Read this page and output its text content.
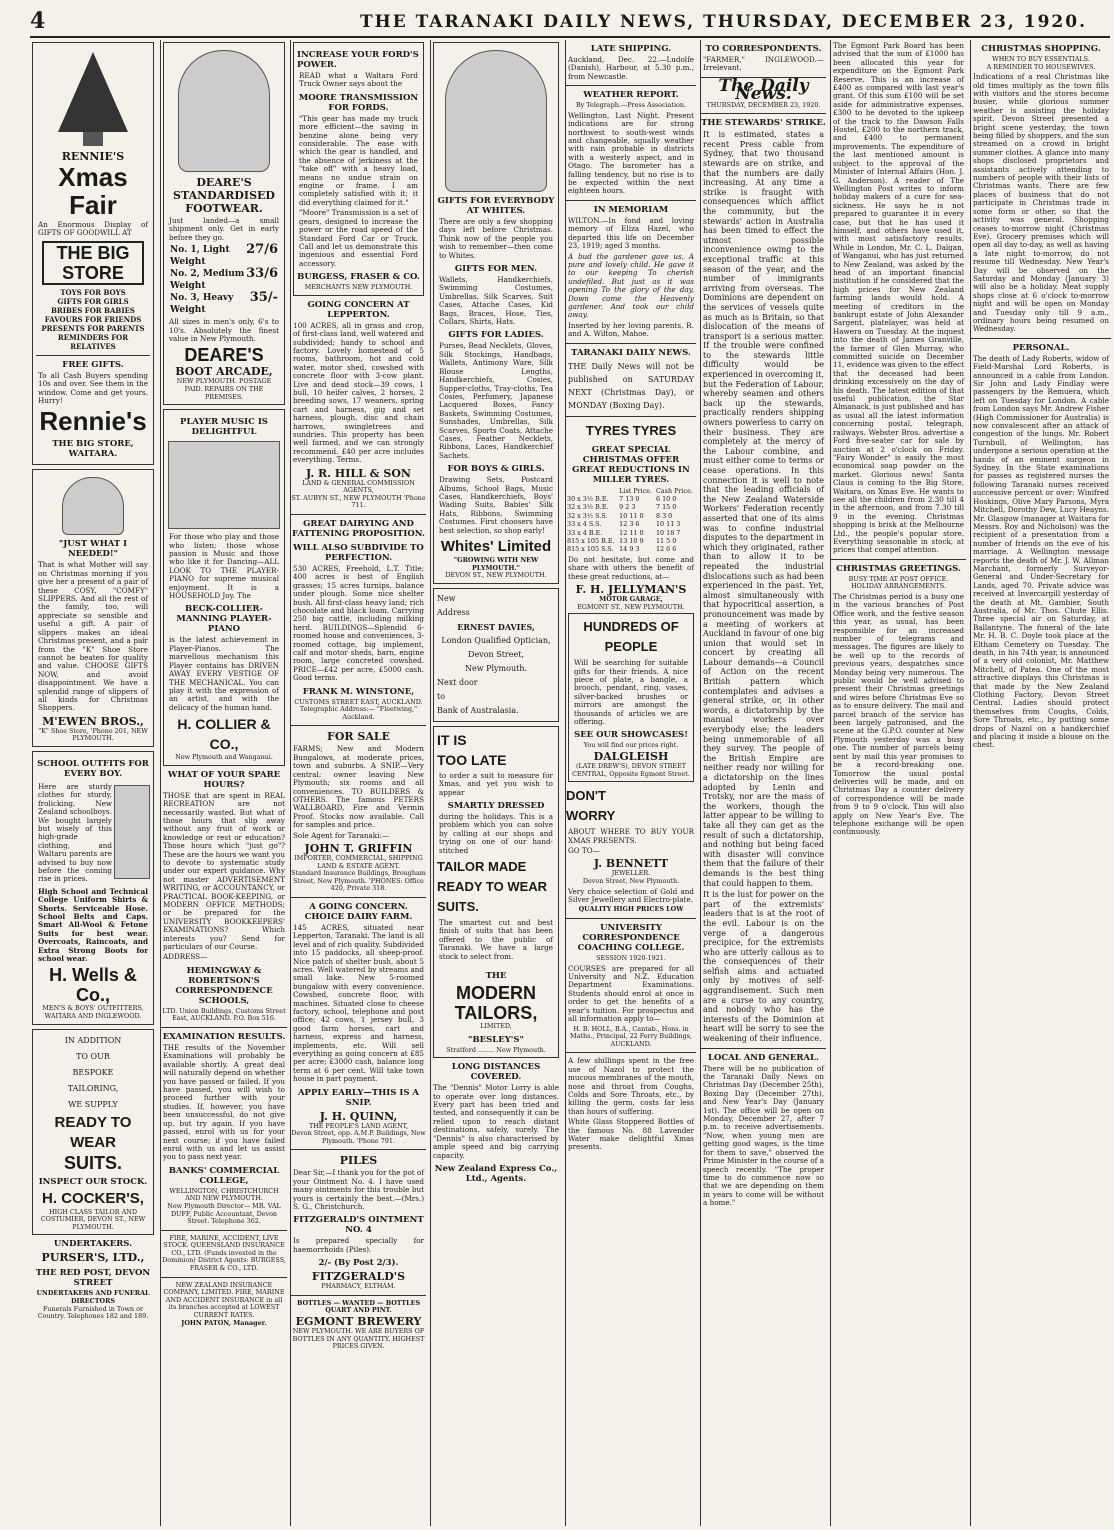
4	THE TARANAKI DAILY NEWS, THURSDAY, DECEMBER 23, 1920.
RENNIE'S
Xmas Fair
An Enormous Display of GIFTS OF GOODWILL AT
THE BIG STORE
TOYS FOR BOYS
GIFTS FOR GIRLS
BRIBES FOR BABIES
FAVOURS FOR FRIENDS
PRESENTS FOR PARENTS
REMINDERS FOR RELATIVES
FREE GIFTS.
To all Cash Buyers spending 10s and over. See them in the window. Come and get yours. Hurry!
Rennie's
THE BIG STORE, WAITARA.
"JUST WHAT I NEEDED!"
That is what Mother will say on Christmas morning if you give her a present of a pair of these COSY, "COMFY" SLIPPERS. And all the rest of the family, too, will appreciate so sensible and useful a gift. A pair of slippers makes an ideal Christmas present, and a pair from the "K" Shoe Store cannot be beaten for quality and value. CHOOSE GIFTS NOW, and avoid disappointment. We have a splendid range of slippers of all kinds for Christmas Shoppers.
M'EWEN BROS.,
"K" Shoe Store, 'Phone 201, NEW PLYMOUTH.
SCHOOL OUTFITS FOR EVERY BOY.
Here are sturdy clothes for sturdy, frolicking, New Zealand schoolboys. We bought largely but wisely of this high-grade clothing, and Waltaru parents are advised to buy now before the coming rise in prices.
High School and Technical College Uniform Shirts & Shorts. Serviceable Hose. School Belts and Caps. Smart All-Wool & Fetone Suits for best wear. Overcoats, Raincoats, and Extra Strong Boots for school wear.
H. Wells & Co.,
MEN'S & BOYS' OUTFITTERS, WAITARA AND INGLEWOOD.
IN ADDITION
TO OUR
BESPOKE
TAILORING,
WE SUPPLY
READY TO WEAR
SUITS.
INSPECT OUR STOCK.
H. COCKER'S,
HIGH CLASS TAILOR AND COSTUMIER, DEVON ST., NEW PLYMOUTH.
UNDERTAKERS.
PURSER'S, LTD.,
THE RED POST, DEVON STREET
UNDERTAKERS AND FUNERAL DIRECTORS
Funerals Furnished in Town or Country. Telephones 182 and 189.
DEARE'S STANDARDISED FOOTWEAR.
Just landed—a small shipment only. Get in early before they go.
No. 1, Light Weight
27/6
No. 2, Medium Weight
33/6
No. 3, Heavy Weight
35/-
All sizes in men's only, 6's to 10's. Absolutely the finest value in New Plymouth.
DEARE'S
BOOT ARCADE,
NEW PLYMOUTH. POSTAGE PAID. REPAIRS ON THE PREMISES.
PLAYER MUSIC IS DELIGHTFUL
For those who play and those who listen; those whose passion is Music and those who like it for Dancing—ALL LOOK TO THE PLAYER-PIANO for supreme musical enjoyment. It is a HOUSEHOLD Joy. The
BECK-COLLIER-MANNING PLAYER-PIANO
is the latest achievement in Player-Pianos. The marvellous mechanism this Player contains has DRIVEN AWAY EVERY VESTIGE OF THE MECHANICAL. You can play it with the expression of an artist, and with the delicacy of the human hand.
H. COLLIER & CO.,
New Plymouth and Wanganui.
WHAT OF YOUR SPARE HOURS?
THOSE that are spent in REAL RECREATION are not necessarily wasted. But what of those hours that slip away without any fruit of work or knowledge or rest or education? Those hours which "just go"? These are the hours we want you to devote to systematic study under our expert guidance. Why not master ADVERTISEMENT WRITING, or ACCOUNTANCY, or PRACTICAL BOOK-KEEPING, or MODERN OFFICE METHODS; or be prepared for the UNIVERSITY BOOKKEEPERS' EXAMINATIONS? Which interests you? Send for particulars of our Course.
ADDRESS—
HEMINGWAY & ROBERTSON'S CORRESPONDENCE SCHOOLS,
LTD. Union Buildings, Customs Street East, AUCKLAND. P.O. Box 516.
EXAMINATION RESULTS.
THE results of the November Examinations will probably be available shortly. A great deal will naturally depend on whether you have passed or failed. If you have passed, you will wish to proceed further with your studies. If, however, you have been unsuccessful, do not give up, but try again. If you have passed, enrol with us for your next course; if you have failed enrol with us and let us assist you to pass next year.
BANKS' COMMERCIAL COLLEGE,
WELLINGTON, CHRISTCHURCH AND NEW PLYMOUTH.
New Plymouth Director— MR. VAL DUFF, Public Accountant, Devon Street. Telephone 362.
FIRE, MARINE, ACCIDENT, LIVE STOCK. QUEENSLAND INSURANCE CO., LTD. (Funds invested in the Dominion) District Agents: BURGESS, FRASER & CO., LTD.
NEW ZEALAND INSURANCE COMPANY, LIMITED. FIRE, MARINE AND ACCIDENT INSURANCE in all its branches accepted at LOWEST CURRENT RATES.
JOHN PATON, Manager.
INCREASE YOUR FORD'S POWER.
READ what a Waltara Ford Truck Owner says about the
MOORE TRANSMISSION FOR FORDS.
"This gear has made my truck more efficient—the saving in benzine alone being very considerable. The ease with which the gear is handled, and the absence of jerkiness at the "take off" with a heavy load, means no undue strain on engine or frame. I am completely satisfied with it; it did everything claimed for it."
"Moore" Transmission is a set of gears, designed to increase the power or the road speed of the Standard Ford Car or Truck. Call and let us demonstrate this ingenious and essential Ford accessory.
BURGESS, FRASER & CO.
MERCHANTS NEW PLYMOUTH.
GOING CONCERN AT LEPPERTON.
100 ACRES, all in grass and crop, of first-class land, well watered and subdivided; handy to school and factory. Lovely homestead of 5 rooms, bathroom, hot and cold water, motor shed, cowshed with concrete floor with 3-cow plant. Live and dead stock—39 cows, 1 bull, 10 heifer calves, 2 horses, 2 breeding sows, 17 weaners, spring cart and harness, gig and set harness, plough, disc and chain harrows, swingletrees and sundries. This property has been well farmed, and we can strongly recommend. £40 per acre includes everything. Terms.
J. R. HILL & SON
LAND & GENERAL COMMISSION AGENTS,
ST. AUBYN ST., NEW PLYMOUTH 'Phone 711.
GREAT DAIRYING AND FATTENING PROPOSITION.
WILL ALSO SUBDIVIDE TO PERFECTION.
530 ACRES, Freehold, L.T. Title; 400 acres is best of English grasses; 15 acres turnips, balance under plough. Some nice shelter bush. All first-class heavy land; rich chocolate and black loam. Carrying 250 big cattle, including milking herd. BUILDINGS—Splendid 6-roomed house and conveniences, 3-roomed cottage, big implement, calf and motor sheds, barn, engine room, large concreted cowshed. PRICE—£42 per acre, £5000 cash. Good terms.
FRANK M. WINSTONE,
CUSTOMS STREET EAST, AUCKLAND.
Telegraphic Address:— "Fleetwing," Auckland.
FOR SALE
FARMS; New and Modern Bungalows, at moderate prices, town and suburbs. A SNIP.—Very central; owner leaving New Plymouth; six rooms and all conveniences. TO BUILDERS & OTHERS. The famous PETERS WALLBOARD, Fire and Vermin Proof. Stocks now available. Call for samples and price.
Sole Agent for Taranaki:—
JOHN T. GRIFFIN
IMPORTER, COMMERCIAL, SHIPPING LAND & ESTATE AGENT.
Standard Insurance Buildings, Brougham Street, New Plymouth. 'PHONES: Office 420, Private 318.
A GOING CONCERN. CHOICE DAIRY FARM.
145 ACRES, situated near Lepperton, Taranaki. The land is all level and of rich quality. Subdivided into 15 paddocks, all sheep-proof. Nice patch of shelter bush, about 5 acres. Well watered by streams and small lake. New 5-roomed bungalow with every convenience. Cowshed, concrete floor, with machines. Situated close to cheese factory, school, telephone and post office; 42 cows, 1 jersey bull, 3 good farm horses, cart and harness, express and harness, implements, etc. Will sell everything as going concern at £85 per acre; £3000 cash, balance long term at 6 per cent. Will take town house in part payment.
APPLY EARLY—THIS IS A SNIP.
J. H. QUINN,
THE PEOPLE'S LAND AGENT,
Devon Street, opp. A.M.P. Buildings, New Plymouth. 'Phone 791.
PILES
Dear Sir,—I thank you for the pot of your Ointment No. 4. I have used many ointments for this trouble but yours is certainly the best.—(Mrs.) S. G., Christchurch.
FITZGERALD'S OINTMENT NO. 4
Is prepared specially for haemorrhoids (Piles).
2/- (By Post 2/3).
FITZGERALD'S
PHARMACY, ELTHAM.
BOTTLES — WANTED — BOTTLES QUART AND PINT.
EGMONT BREWERY
NEW PLYMOUTH. WE ARE BUYERS OF BOTTLES IN ANY QUANTITY. HIGHEST PRICES GIVEN.
GIFTS FOR EVERYBODY AT WHITES.
There are only a few shopping days left before Christmas. Think now of the people you wish to remember—then come to Whites.
GIFTS FOR MEN.
Wallets, Handkerchiefs, Swimming Costumes, Umbrellas, Silk Scarves, Suit Cases, Attache Cases, Kid Bags, Braces, Hose, Ties, Collars, Shirts, Hats.
GIFTS FOR LADIES.
Purses, Bead Necklets, Gloves, Silk Stockings, Handbags, Wallets, Antimony Ware, Silk Blouse Lengths, Handkerchiefs, Cosies, Supper-cloths, Tray-cloths, Tea Cosies, Perfumery, Japanese Lacquered Boxes, Fancy Baskets, Swimming Costumes, Sunshades, Umbrellas, Silk Scarves, Sports Coats, Attache Cases, Feather Necklets, Ribbons, Laces, Handkerchief Sachets.
FOR BOYS & GIRLS.
Drawing Sets, Postcard Albums, School Bags, Music Cases, Handkerchiefs, Boys' Wading Suits, Babies' Silk Hats, Ribbons, Swimming Costumes. First choosers have best selection, so shop early!
Whites' Limited
"GROWING WITH NEW PLYMOUTH."
DEVON ST., NEW PLYMOUTH.
New
Address
ERNEST DAVIES,
London Qualified Optician,
Devon Street,
New Plymouth.
Next door
to
Bank of Australasia.
IT IS
TOO LATE
to order a suit to measure for Xmas, and yet you wish to appear
SMARTLY DRESSED
during the holidays. This is a problem which you can solve by calling at our shops and trying on one of our hand-stitched
TAILOR MADE
READY TO WEAR
SUITS.
The smartest cut and best finish of suits that has been offered to the public of Taranaki. We have a large stock to select from.
THE
MODERN
TAILORS,
LIMITED,
"BESLEY'S"
Stratford ........ New Plymouth.
LONG DISTANCES COVERED.
The "Dennis" Motor Lorry is able to operate over long distances. Every part has been tried and tested, and consequently it can be relied upon to reach distant destinations, safely, surely. The "Dennis" is also characterised by ample speed and big carrying capacity.
New Zealand Express Co., Ltd., Agents.
LATE SHIPPING.
Auckland, Dec. 22.—Ludolfe (Danish), Harbour, at 5.30 p.m., from Newcastle.
WEATHER REPORT.
By Telegraph.—Press Association.
Wellington, Last Night. Present indications are for strong northwest to south-west winds and changeable, squally weather with rain probable in districts with a westerly aspect, and in Otago. The barometer has a falling tendency, but no rise is to be expected within the next eighteen hours.
IN MEMORIAM
WILTON.—In fond and loving memory of Eliza Hazel, who departed this life on December 23, 1919; aged 3 months.
A bud the gardener gave us, A pure and lovely child. He gave it to our keeping To cherish undefiled. But just as it was opening To the glory of the day, Down came the Heavenly gardener, And took our child away.
Inserted by her loving parents, R. and A. Wilton, Mahoe.
TARANAKI DAILY NEWS.
THE Daily News will not be published on SATURDAY NEXT (Christmas Day), or MONDAY (Boxing Day).
TYRES TYRES
GREAT SPECIAL CHRISTMAS OFFER GREAT REDUCTIONS IN MILLER TYRES.
	List Price.	Cash Price.
30 x 3½ B.E.	7 13 0	6 10 0
32 x 3½ B.E.	9 2 3	7 15 0
32 x 3½ S.S.	10 11 0	8 3 0
33 x 4 S.S.	12 3 6	10 11 3
33 x 4 B.E.	12 11 0	10 18 7
815 x 105 B.E.	13 10 9	11 5 0
815 x 105 S.S.	14 9 3	12 6 6
Do not hesitate, but come and share with others the benefit of these great reductions, at—
F. H. JELLYMAN'S
MOTOR GARAGE,
EGMONT ST., NEW PLYMOUTH.
HUNDREDS OF PEOPLE
Will be searching for suitable gifts for their friends. A nice piece of plate, a bangle, a brooch, pendant, ring, vases, silver-backed brushes or mirrors are amongst the thousands of articles we are offering.
SEE OUR SHOWCASES!
You will find our prices right.
DALGLEISH
(LATE DREW'S), DEVON STREET CENTRAL, Opposite Egmont Street.
DON'T
WORRY
ABOUT WHERE TO BUY YOUR XMAS PRESENTS.
GO TO—
J. BENNETT
JEWELLER.
Devon Street, New Plymouth.
Very choice selection of Gold and Silver Jewellery and Electro-plate.
QUALITY HIGH PRICES LOW
UNIVERSITY CORRESPONDENCE COACHING COLLEGE.
SESSION 1920-1921.
COURSES are prepared for all University and N.Z. Education Department Examinations. Students should enrol at once in order to get the benefits of a year's tuition. For prospectus and all information apply to—
H. B. HOLL, B.A., Cantab., Hons. in Maths., Principal, 22 Ferry Buildings, AUCKLAND.
A few shillings spent in the free use of Nazol to protect the mucous membranes of the mouth, nose and throat from Coughs, Colds and Sore Throats, etc., by killing the germ, costs far less than hours of suffering.
White Glass Stoppered Bottles of the famous No. 88 Lavender Water make delightful Xmas presents.
TO CORRESPONDENTS.
"FARMER," INGLEWOOD.—Irrelevant.
The Daily News.
THURSDAY, DECEMBER 23, 1920.
THE STEWARDS' STRIKE.
It is estimated, states a recent Press cable from Sydney, that two thousand stewards are on strike, and that the numbers are daily increasing. At any time a strike is fraught with consequences which afflict the community, but the stewards' action in Australia has been timed to effect the utmost possible inconvenience owing to the exceptional traffic at this season of the year, and the number of immigrants arriving from overseas. The Dominions are dependent on the services of vessels quite as much as is Britain, so that dislocation of the means of transport is a serious matter. If the trouble were confined to the stewards little difficulty would be experienced in overcoming it, but the Federation of Labour, whereby seamen and others back up the stewards, practically renders shipping owners powerless to carry on their business. They are completely at the mercy of the Labour combine, and must either come to terms or cease operations. In this connection it is well to note that the leading officials of the New Zealand Waterside Workers' Federation recently asserted that one of its aims was to confine industrial disputes to the department in which they originated, rather than to allow it to be repeated the industrial dislocations such as had been experienced in the past. Yet, almost simultaneously with that hypocritical assertion, a pronouncement was made by a meeting of workers at Auckland in favour of one big union that would set in concert by creating all Labour demands—a Council of Action on the recent British pattern which contemplates and advises a general strike, or, in other words, a dictatorship by the manual workers over everybody else; the leaders being unmemorable of all they survey. The people of the British Empire are neither ready nor willing for a dictatorship on the lines adopted by Lenin and Trotsky, nor are the mass of the workers, though the latter appear to be willing to take all they can get as the result of such a dictatorship, and nothing but being faced with disaster will convince them that the failure of their demands is the best thing that could happen to them.
It is the lust for power on the part of the extremists' leaders that is at the root of the evil. Labour is on the verge of a dangerous precipice, for the extremists who are utterly callous as to the consequences of their selfish aims and actuated only by motives of self-aggrandisement. Such men are a curse to any country, and nobody who has the interests of the Dominion at heart will be sorry to see the weakening of their influence.
LOCAL AND GENERAL.
There will be no publication of the Taranaki Daily News on Christmas Day (December 25th), Boxing Day (December 27th), and New Year's Day (January 1st). The office will be open on Monday, December 27, after 7 p.m. to receive advertisements. "Now, when young men are getting good wages, is the time for them to save," observed the Prime Minister in the course of a speech recently. "The proper time to do commence now so that we are depending on them in years to come will be without a home."
The Egmont Park Board has been advised that the sum of £1000 has been allocated this year for expenditure on the Egmont Park Reserve. This is an increase of £400 as compared with last year's grant. Of this sum £100 will be set aside for administrative expenses, £300 to be devoted to the upkeep of the track to the Dawson Falls Hostel, £200 to the northern track, and £400 to permanent improvements. The expenditure of the last mentioned amount is subject to the approval of the Minister of Internal Affairs (Hon. J. G. Anderson). A reader of The Wellington Post writes to inform holiday makers of a cure for sea-sickness. He says he is not prepared to guarantee it in every case, but that he has used it himself, and others have used it, with most satisfactory results. While in London, Mr. C. L. Dalgan, of Wanganui, who has just returned to New Zealand, was asked by the head of an important financial institution if he considered that the high prices for New Zealand farming lands would hold. A meeting of creditors in the bankrupt estate of John Alexander Sargent, platelayer, was held at Hawera on Tuesday. At the inquest into the death of James Granville, the farmer of Glen Murray, who committed suicide on December 11, evidence was given to the effect that the deceased had been drinking excessively on the day of his death. The latest edition of that useful publication, the Star Almanack, is just published and has as usual all the latest information concerning postal, telegraph, railways. Webster Bros. advertise a Ford five-seater car for sale by auction at 2 o'clock on Friday. "Fairy Wonder" is easily the most economical soap powder on the market. Glorious news! Santa Claus is coming to the Big Store, Waitara, on Xmas Eve. He wants to see all the children from 2.30 till 4 in the afternoon, and from 7.30 till 9 in the evening. Christmas shopping is brisk at the Melbourne Ltd., the people's popular store. Everything seasonable in stock, at prices that compel attention.
CHRISTMAS GREETINGS.
BUSY TIME AT POST OFFICE.
HOLIDAY ARRANGEMENTS.
The Christmas period is a busy one in the various branches of Post Office work, and the festive season this year, as usual, has been responsible for an increased number of telegrams and messages. The figures are likely to be well up to the records of previous years, despatches since Monday being very numerous. The public would be well advised to present their Christmas greetings and wires before Christmas Eve so as to ensure delivery. The mail and parcel branch of the service has been largely patronised, and the scene at the G.P.O. counter at New Plymouth yesterday was a busy one. The number of parcels being sent by mail this year promises to be a record-breaking one. Tomorrow the usual postal deliveries will be made, and on Christmas Day a counter delivery of correspondence will be made from 9 to 9 o'clock. This will also apply on New Year's Eve. The telephone exchange will be open continuously.
CHRISTMAS SHOPPING.
WHEN TO BUY ESSENTIALS.
A REMINDER TO HOUSEWIVES.
Indications of a real Christmas like old times multiply as the town fills with visitors and the stores become busier, while glorious summer weather is assisting the holiday spirit. Devon Street presented a bright scene yesterday, the town being filled by shoppers, and the sun streamed on a crowd in bright summer clothes. A glance into many shops disclosed proprietors and assistants actively attending to numbers of people with their lists of Christmas wants. There are few places of business that do not participate in Christmas trade in some form or other, so that the activity was general. Shopping ceases to-morrow night (Christmas Eve). Grocery premises which will open all day to-day, as well as having a late night to-morrow, do not resume till Wednesday. New Year's Day will be observed on the Saturday and Monday (January 3) will also be a holiday. Meat supply shops close at 6 o'clock to-morrow night and will be open on Monday and Tuesday only till 9 a.m., ordinary hours being resumed on Wednesday.
PERSONAL.
The death of Lady Roberts, widow of Field-Marshal Lord Roberts, is announced in a cable from London. Sir John and Lady Findlay were passengers by the Remuera, which left on Tuesday for London. A cable from London says Mr. Andrew Fisher (High Commissioner for Australia) is now convalescent after an attack of congestion of the lungs. Mr. Robert Turnbull, of Wellington, has undergone a serious operation at the hands of an eminent surgeon in Sydney. In the State examinations for passes as registered nurses the following Taranaki nurses received successive percent or over: Winifred Hoskings, Olive Mary Parsons, Myra Mitchell, Dorothy Dew, Lucy Heayns. Mr. Glasgow (manager at Waitara for Messrs. Roy and Nicholson) was the recipient of a presentation from a number of friends on the eve of his marriage. A Wellington message reports the death of Mr. J. W. Allman Marchant, formerly Surveyor-General and Under-Secretary for Lands, aged 70. Private advice was received at Invercargill yesterday of the death at Mt. Gambier, South Australia, of Mr. Thos. Chute Ellis. Three special air on Saturday, at Ballantyne. The funeral of the late Mr. H. B. C. Doyle took place at the Eltham Cemetery on Tuesday. The death, in his 74th year, is announced of a very old colonist, Mr. Matthew Mitchell, of Patea. One of the most attractive displays this Christmas is that made by the New Zealand Clothing Factory, Devon Street Central. Ladies should protect themselves from Coughs, Colds, Sore Throats, etc., by putting some drops of Nazol on a handkerchief and placing it inside a blouse on the chest.
